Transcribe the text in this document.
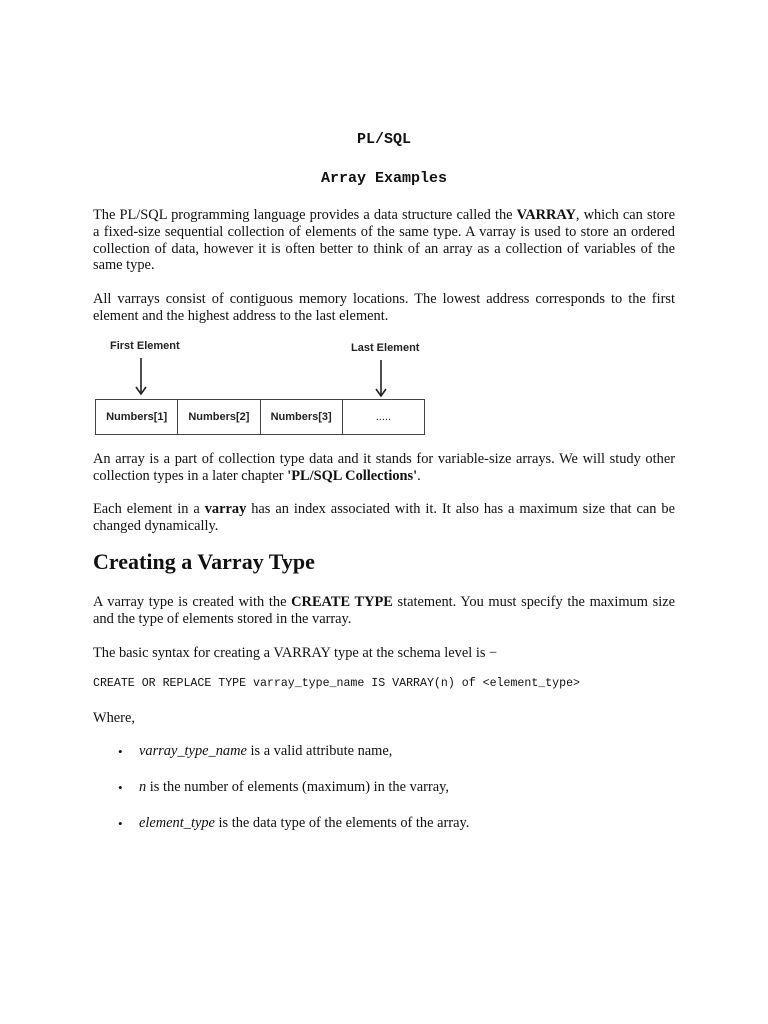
PL/SQL
Array Examples

The PL/SQL programming language provides a data structure called the VARRAY, which can store a fixed-size sequential collection of elements of the same type. A varray is used to store an ordered collection of data, however it is often better to think of an array as a collection of variables of the same type.

All varrays consist of contiguous memory locations. The lowest address corresponds to the first element and the highest address to the last element.

First Element	Last Element
Numbers[1]	Numbers[2]	Numbers[3]	.....

An array is a part of collection type data and it stands for variable-size arrays. We will study other collection types in a later chapter 'PL/SQL Collections'.

Each element in a varray has an index associated with it. It also has a maximum size that can be changed dynamically.

Creating a Varray Type

A varray type is created with the CREATE TYPE statement. You must specify the maximum size and the type of elements stored in the varray.

The basic syntax for creating a VARRAY type at the schema level is −

CREATE OR REPLACE TYPE varray_type_name IS VARRAY(n) of <element_type>

Where,

• varray_type_name is a valid attribute name,
• n is the number of elements (maximum) in the varray,
• element_type is the data type of the elements of the array.
